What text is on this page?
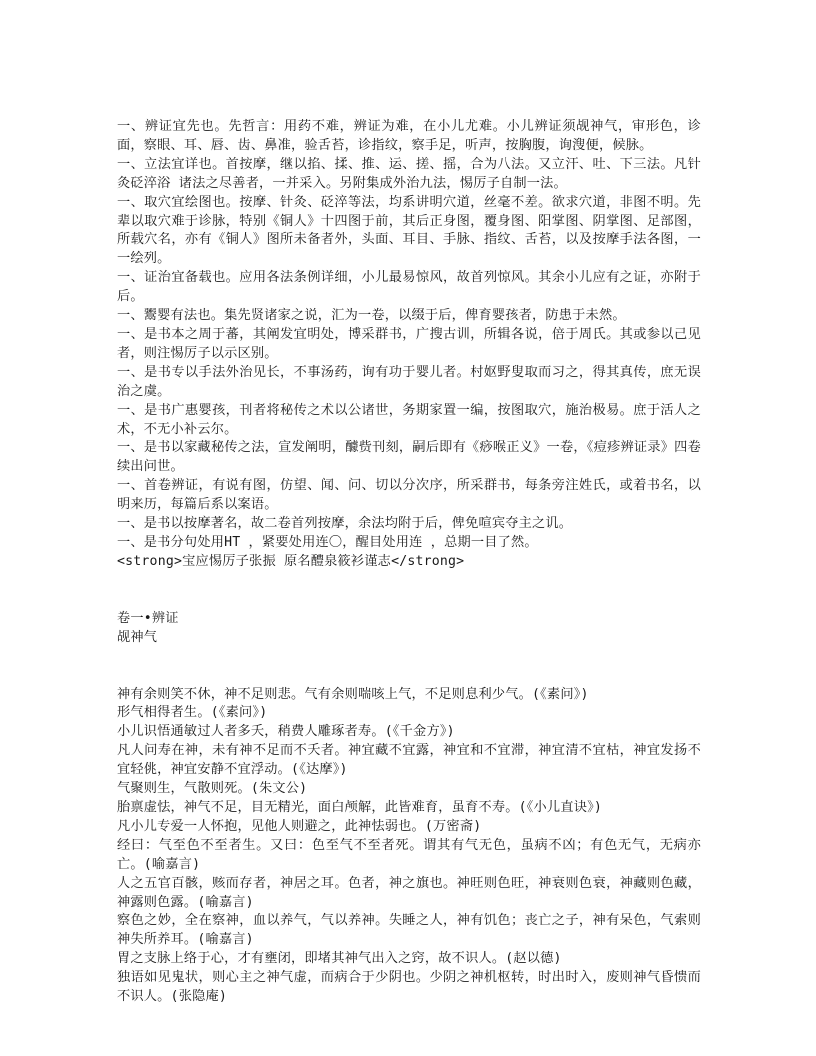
一、辨证宜先也。先哲言：用药不难，辨证为难，在小儿尤难。小儿辨证须觇神气，审形色，诊面，察眼、耳、唇、齿、鼻准，验舌苔，诊指纹，察手足，听声，按胸腹，询溲便，候脉。

一、立法宜详也。首按摩，继以掐、揉、推、运、搓、摇，合为八法。又立汗、吐、下三法。凡针灸砭淬浴 诸法之尽善者，一并采入。另附集成外治九法，惕厉子自制一法。

一、取穴宜绘图也。按摩、针灸、砭淬等法，均系讲明穴道，丝毫不差。欲求穴道，非图不明。先辈以取穴难于诊脉，特别《铜人》十四图于前，其后正身图，覆身图、阳掌图、阴掌图、足部图，所载穴名，亦有《铜人》图所未备者外，头面、耳目、手脉、指纹、舌苔，以及按摩手法各图，一一绘列。

一、证治宜备载也。应用各法条例详细，小儿最易惊风，故首列惊风。其余小儿应有之证，亦附于后。

一、鬻婴有法也。集先贤诸家之说，汇为一卷，以缀于后，俾育婴孩者，防患于未然。

一、是书本之周于蕃，其阐发宜明处，博采群书，广搜古训，所辑各说，倍于周氏。其或参以己见者，则注惕厉子以示区别。

一、是书专以手法外治见长，不事汤药，询有功于婴儿者。村妪野叟取而习之，得其真传，庶无误治之虞。

一、是书广惠婴孩，刊者将秘传之术以公诸世，务期家置一编，按图取穴，施治极易。庶于活人之术，不无小补云尔。

一、是书以家藏秘传之法，宣发阐明，醵赀刊刻，嗣后即有《痧喉正义》一卷，《痘疹辨证录》四卷续出问世。

一、首卷辨证，有说有图，仿望、闻、问、切以分次序，所采群书，每条旁注姓氏，或着书名，以明来历，每篇后系以案语。

一、是书以按摩著名，故二卷首列按摩，余法均附于后，俾免喧宾夺主之讥。

一、是书分句处用HT ，紧要处用连〇，醒目处用连 ，总期一目了然。

<strong>宝应惕厉子张振 原名醴泉筱衫谨志</strong>

卷一•辨证

觇神气

神有余则笑不休，神不足则悲。气有余则喘咳上气，不足则息利少气。(《素问》)

形气相得者生。(《素问》)

小儿识悟通敏过人者多夭，稍费人雕琢者寿。(《千金方》)

凡人问寿在神，未有神不足而不夭者。神宜藏不宜露，神宜和不宜滞，神宜清不宜枯，神宜发扬不宜轻佻，神宜安静不宜浮动。(《达摩》)

气聚则生，气散则死。(朱文公)

胎禀虚怯，神气不足，目无精光，面白颅解，此皆难育，虽育不寿。(《小儿直诀》)

凡小儿专爱一人怀抱，见他人则避之，此神怯弱也。(万密斋)

经曰：气至色不至者生。又曰：色至气不至者死。谓其有气无色，虽病不凶；有色无气，无病亦亡。(喻嘉言)

人之五官百骸，赅而存者，神居之耳。色者，神之旗也。神旺则色旺，神衰则色衰，神藏则色藏，神露则色露。(喻嘉言)

察色之妙，全在察神，血以养气，气以养神。失睡之人，神有饥色；丧亡之子，神有呆色，气索则神失所养耳。(喻嘉言)

胃之支脉上络于心，才有壅闭，即堵其神气出入之窍，故不识人。(赵以德)

独语如见鬼状，则心主之神气虚，而病合于少阴也。少阴之神机枢转，时出时入，废则神气昏愦而不识人。(张隐庵)
